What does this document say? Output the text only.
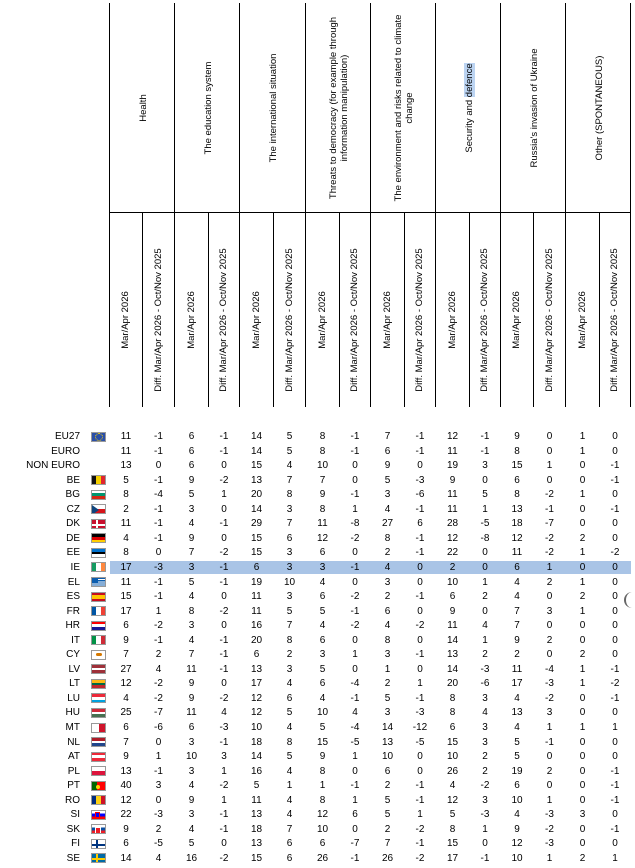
Health	The education system	The international situation	Threats to democracy (for example through information manipulation)	The environment and risks related to climate change	Security and defence	Russia's invasion of Ukraine	Other (SPONTANEOUS)
Mar/Apr 2026 Diff. Mar/Apr 2026 - Oct/Nov 2025 Mar/Apr 2026 Diff. Mar/Apr 2026 - Oct/Nov 2025 Mar/Apr 2026 Diff. Mar/Apr 2026 - Oct/Nov 2025 Mar/Apr 2026 Diff. Mar/Apr 2026 - Oct/Nov 2025 Mar/Apr 2026 Diff. Mar/Apr 2026 - Oct/Nov 2025 Mar/Apr 2026 Diff. Mar/Apr 2026 - Oct/Nov 2025 Mar/Apr 2026 Diff. Mar/Apr 2026 - Oct/Nov 2025 Mar/Apr 2026 Diff. Mar/Apr 2026 - Oct/Nov 2025
EU27	11	-1	6	-1	14	5	8	-1	7	-1	12	-1	9	0	1	0
EURO	11	-1	6	-1	14	5	8	-1	6	-1	11	-1	8	0	1	0
NON EURO	13	0	6	0	15	4	10	0	9	0	19	3	15	1	0	-1
BE	5	-1	9	-2	13	7	7	0	5	-3	9	0	6	0	0	-1
BG	8	-4	5	1	20	8	9	-1	3	-6	11	5	8	-2	1	0
CZ	2	-1	3	0	14	3	8	1	4	-1	11	1	13	-1	0	-1
DK	11	-1	4	-1	29	7	11	-8	27	6	28	-5	18	-7	0	0
DE	4	-1	9	0	15	6	12	-2	8	-1	12	-8	12	-2	2	0
EE	8	0	7	-2	15	3	6	0	2	-1	22	0	11	-2	1	-2
IE	17	-3	3	-1	6	3	3	-1	4	0	2	0	6	1	0	0
EL	11	-1	5	-1	19	10	4	0	3	0	10	1	4	2	1	0
ES	15	-1	4	0	11	3	6	-2	2	-1	6	2	4	0	2	0
FR	17	1	8	-2	11	5	5	-1	6	0	9	0	7	3	1	0
HR	6	-2	3	0	16	7	4	-2	4	-2	11	4	7	0	0	0
IT	9	-1	4	-1	20	8	6	0	8	0	14	1	9	2	0	0
CY	7	2	7	-1	6	2	3	1	3	-1	13	2	2	0	2	0
LV	27	4	11	-1	13	3	5	0	1	0	14	-3	11	-4	1	-1
LT	12	-2	9	0	17	4	6	-4	2	1	20	-6	17	-3	1	-2
LU	4	-2	9	-2	12	6	4	-1	5	-1	8	3	4	-2	0	-1
HU	25	-7	11	4	12	5	10	4	3	-3	8	4	13	3	0	0
MT	6	-6	6	-3	10	4	5	-4	14	-12	6	3	4	1	1	1
NL	7	0	3	-1	18	8	15	-5	13	-5	15	3	5	-1	0	0
AT	9	1	10	3	14	5	9	1	10	0	10	2	5	0	0	0
PL	13	-1	3	1	16	4	8	0	6	0	26	2	19	2	0	-1
PT	40	3	4	-2	5	1	1	-1	2	-1	4	-2	6	0	0	-1
RO	12	0	9	1	11	4	8	1	5	-1	12	3	10	1	0	-1
SI	22	-3	3	-1	13	4	12	6	5	1	5	-3	4	-3	3	0
SK	9	2	4	-1	18	7	10	0	2	-2	8	1	9	-2	0	-1
FI	6	-5	5	0	13	6	6	-7	7	-1	15	0	12	-3	0	0
SE	14	4	16	-2	15	6	26	-1	26	-2	17	-1	10	1	2	1
